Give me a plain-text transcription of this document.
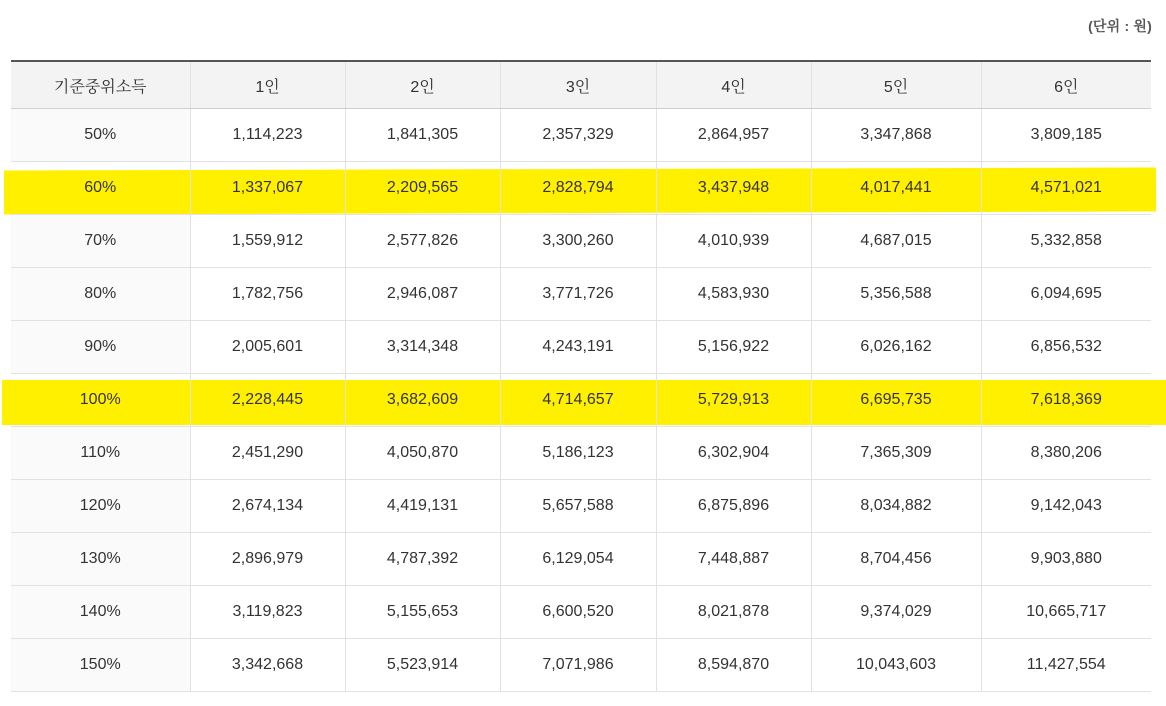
(단위 : 원)
기준중위소득	1인	2인	3인	4인	5인	6인
50%	1,114,223	1,841,305	2,357,329	2,864,957	3,347,868	3,809,185
60%	1,337,067	2,209,565	2,828,794	3,437,948	4,017,441	4,571,021
70%	1,559,912	2,577,826	3,300,260	4,010,939	4,687,015	5,332,858
80%	1,782,756	2,946,087	3,771,726	4,583,930	5,356,588	6,094,695
90%	2,005,601	3,314,348	4,243,191	5,156,922	6,026,162	6,856,532
100%	2,228,445	3,682,609	4,714,657	5,729,913	6,695,735	7,618,369
110%	2,451,290	4,050,870	5,186,123	6,302,904	7,365,309	8,380,206
120%	2,674,134	4,419,131	5,657,588	6,875,896	8,034,882	9,142,043
130%	2,896,979	4,787,392	6,129,054	7,448,887	8,704,456	9,903,880
140%	3,119,823	5,155,653	6,600,520	8,021,878	9,374,029	10,665,717
150%	3,342,668	5,523,914	7,071,986	8,594,870	10,043,603	11,427,554
